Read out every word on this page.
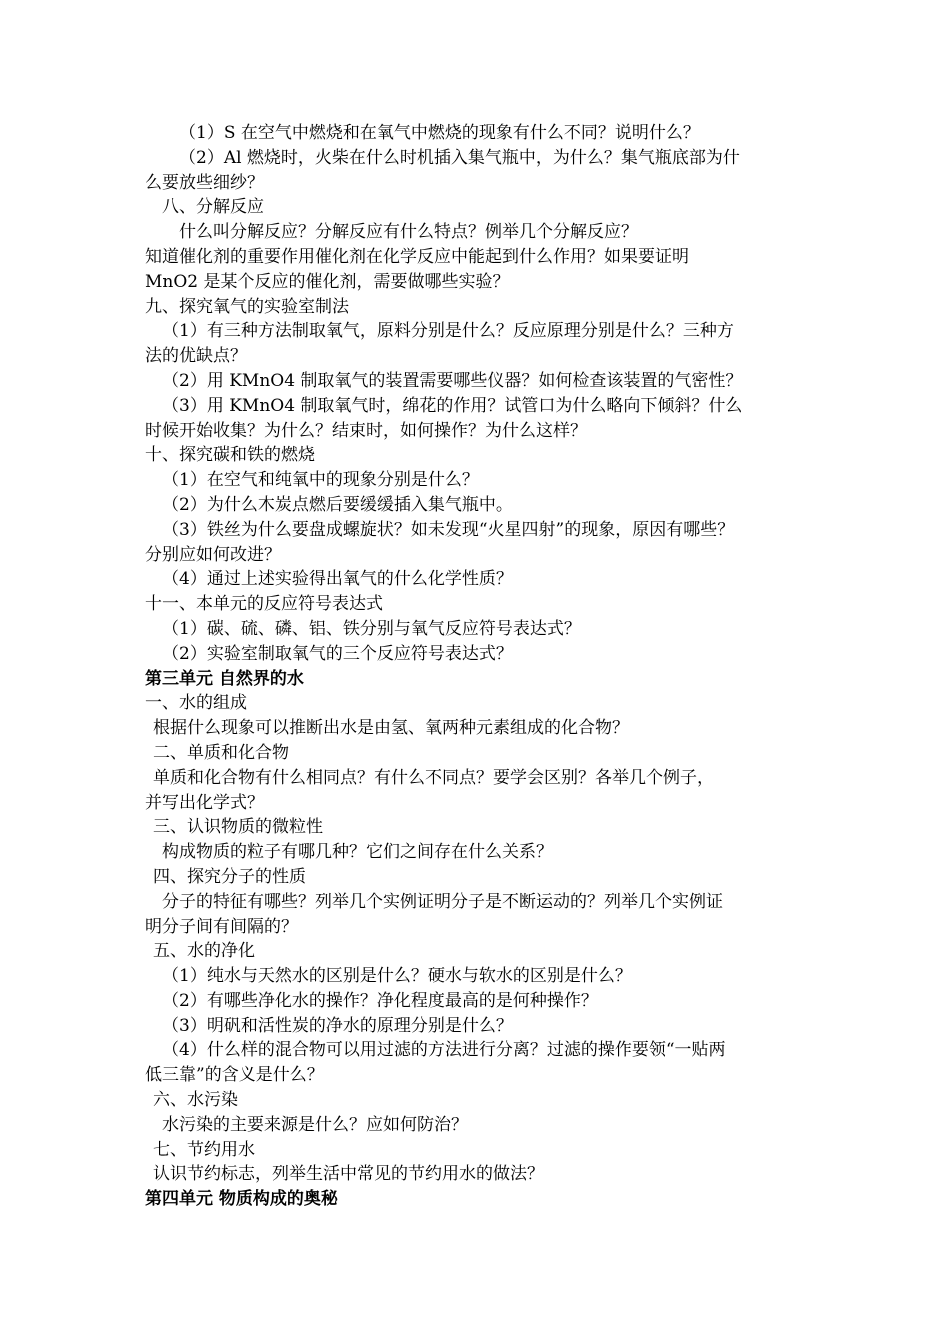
（1）S 在空气中燃烧和在氧气中燃烧的现象有什么不同？说明什么？
（2）Al 燃烧时，火柴在什么时机插入集气瓶中，为什么？集气瓶底部为什
么要放些细纱？
八、分解反应
什么叫分解反应？分解反应有什么特点？例举几个分解反应？
知道催化剂的重要作用催化剂在化学反应中能起到什么作用？如果要证明
MnO2 是某个反应的催化剂，需要做哪些实验？
九、探究氧气的实验室制法
（1）有三种方法制取氧气，原料分别是什么？反应原理分别是什么？三种方
法的优缺点？
（2）用 KMnO4 制取氧气的装置需要哪些仪器？如何检查该装置的气密性？
（3）用 KMnO4 制取氧气时，绵花的作用？试管口为什么略向下倾斜？什么
时候开始收集？为什么？结束时，如何操作？为什么这样？
十、探究碳和铁的燃烧
（1）在空气和纯氧中的现象分别是什么？
（2）为什么木炭点燃后要缓缓插入集气瓶中。
（3）铁丝为什么要盘成螺旋状？如未发现“火星四射”的现象，原因有哪些？
分别应如何改进？
（4）通过上述实验得出氧气的什么化学性质？
十一、本单元的反应符号表达式
（1）碳、硫、磷、铝、铁分别与氧气反应符号表达式？
（2）实验室制取氧气的三个反应符号表达式？
第三单元 自然界的水
一、水的组成
根据什么现象可以推断出水是由氢、氧两种元素组成的化合物？
二、单质和化合物
单质和化合物有什么相同点？有什么不同点？要学会区别？各举几个例子，
并写出化学式？
三、认识物质的微粒性
构成物质的粒子有哪几种？它们之间存在什么关系？
四、探究分子的性质
分子的特征有哪些？列举几个实例证明分子是不断运动的？列举几个实例证
明分子间有间隔的？
五、水的净化
（1）纯水与天然水的区别是什么？硬水与软水的区别是什么？
（2）有哪些净化水的操作？净化程度最高的是何种操作？
（3）明矾和活性炭的净水的原理分别是什么？
（4）什么样的混合物可以用过滤的方法进行分离？过滤的操作要领“一贴两
低三靠”的含义是什么？
六、水污染
水污染的主要来源是什么？应如何防治？
七、节约用水
认识节约标志，列举生活中常见的节约用水的做法？
第四单元 物质构成的奥秘
